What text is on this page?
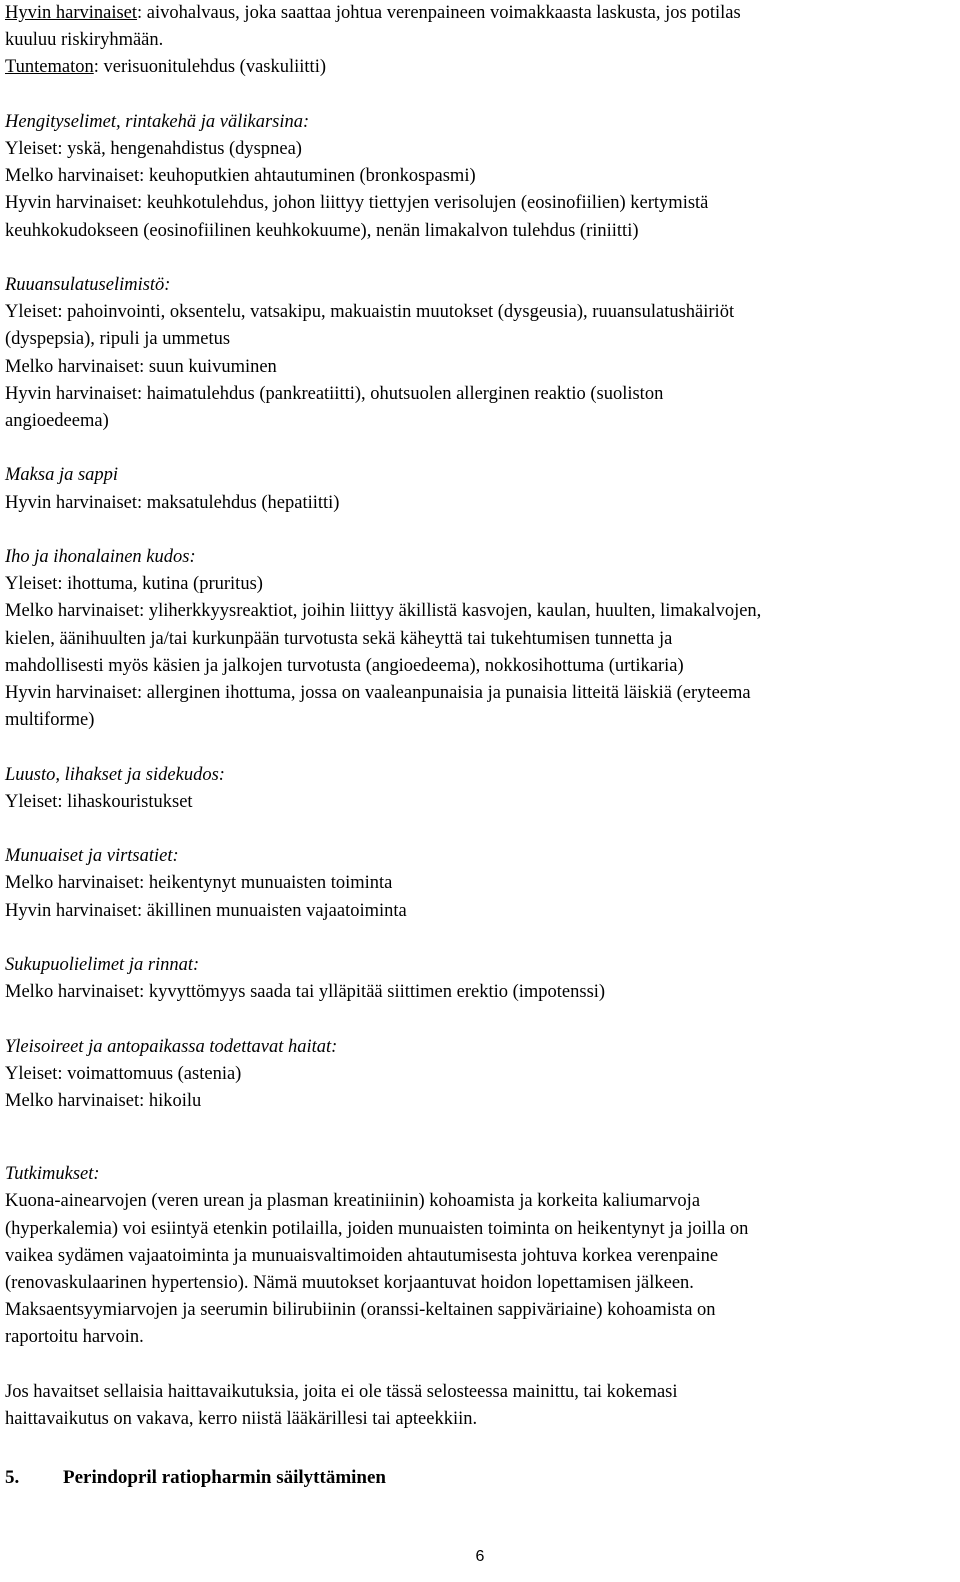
Hyvin harvinaiset: aivohalvaus, joka saattaa johtua verenpaineen voimakkaasta laskusta, jos potilas
kuuluu riskiryhmään.
Tuntematon: verisuonitulehdus (vaskuliitti)
Hengityselimet, rintakehä ja välikarsina:
Yleiset: yskä, hengenahdistus (dyspnea)
Melko harvinaiset: keuhoputkien ahtautuminen (bronkospasmi)
Hyvin harvinaiset: keuhkotulehdus, johon liittyy tiettyjen verisolujen (eosinofiilien) kertymistä
keuhkokudokseen (eosinofiilinen keuhkokuume), nenän limakalvon tulehdus (riniitti)
Ruuansulatuselimistö:
Yleiset: pahoinvointi, oksentelu, vatsakipu, makuaistin muutokset (dysgeusia), ruuansulatushäiriöt
(dyspepsia), ripuli ja ummetus
Melko harvinaiset: suun kuivuminen
Hyvin harvinaiset: haimatulehdus (pankreatiitti), ohutsuolen allerginen reaktio (suoliston
angioedeema)
Maksa ja sappi
Hyvin harvinaiset: maksatulehdus (hepatiitti)
Iho ja ihonalainen kudos:
Yleiset: ihottuma, kutina (pruritus)
Melko harvinaiset: yliherkkyysreaktiot, joihin liittyy äkillistä kasvojen, kaulan, huulten, limakalvojen,
kielen, äänihuulten ja/tai kurkunpään turvotusta sekä käheyttä tai tukehtumisen tunnetta ja
mahdollisesti myös käsien ja jalkojen turvotusta (angioedeema), nokkosihottuma (urtikaria)
Hyvin harvinaiset: allerginen ihottuma, jossa on vaaleanpunaisia ja punaisia litteitä läiskiä (eryteema
multiforme)
Luusto, lihakset ja sidekudos:
Yleiset: lihaskouristukset
Munuaiset ja virtsatiet:
Melko harvinaiset: heikentynyt munuaisten toiminta
Hyvin harvinaiset: äkillinen munuaisten vajaatoiminta
Sukupuolielimet ja rinnat:
Melko harvinaiset: kyvyttömyys saada tai ylläpitää siittimen erektio (impotenssi)
Yleisoireet ja antopaikassa todettavat haitat:
Yleiset: voimattomuus (astenia)
Melko harvinaiset: hikoilu
Tutkimukset:
Kuona-ainearvojen (veren urean ja plasman kreatiniinin) kohoamista ja korkeita kaliumarvoja
(hyperkalemia) voi esiintyä etenkin potilailla, joiden munuaisten toiminta on heikentynyt ja joilla on
vaikea sydämen vajaatoiminta ja munuaisvaltimoiden ahtautumisesta johtuva korkea verenpaine
(renovaskulaarinen hypertensio). Nämä muutokset korjaantuvat hoidon lopettamisen jälkeen.
Maksaentsyymiarvojen ja seerumin bilirubiinin (oranssi-keltainen sappiväriaine) kohoamista on
raportoitu harvoin.
Jos havaitset sellaisia haittavaikutuksia, joita ei ole tässä selosteessa mainittu, tai kokemasi
haittavaikutus on vakava, kerro niistä lääkärillesi tai apteekkiin.
5. Perindopril ratiopharmin säilyttäminen
6
